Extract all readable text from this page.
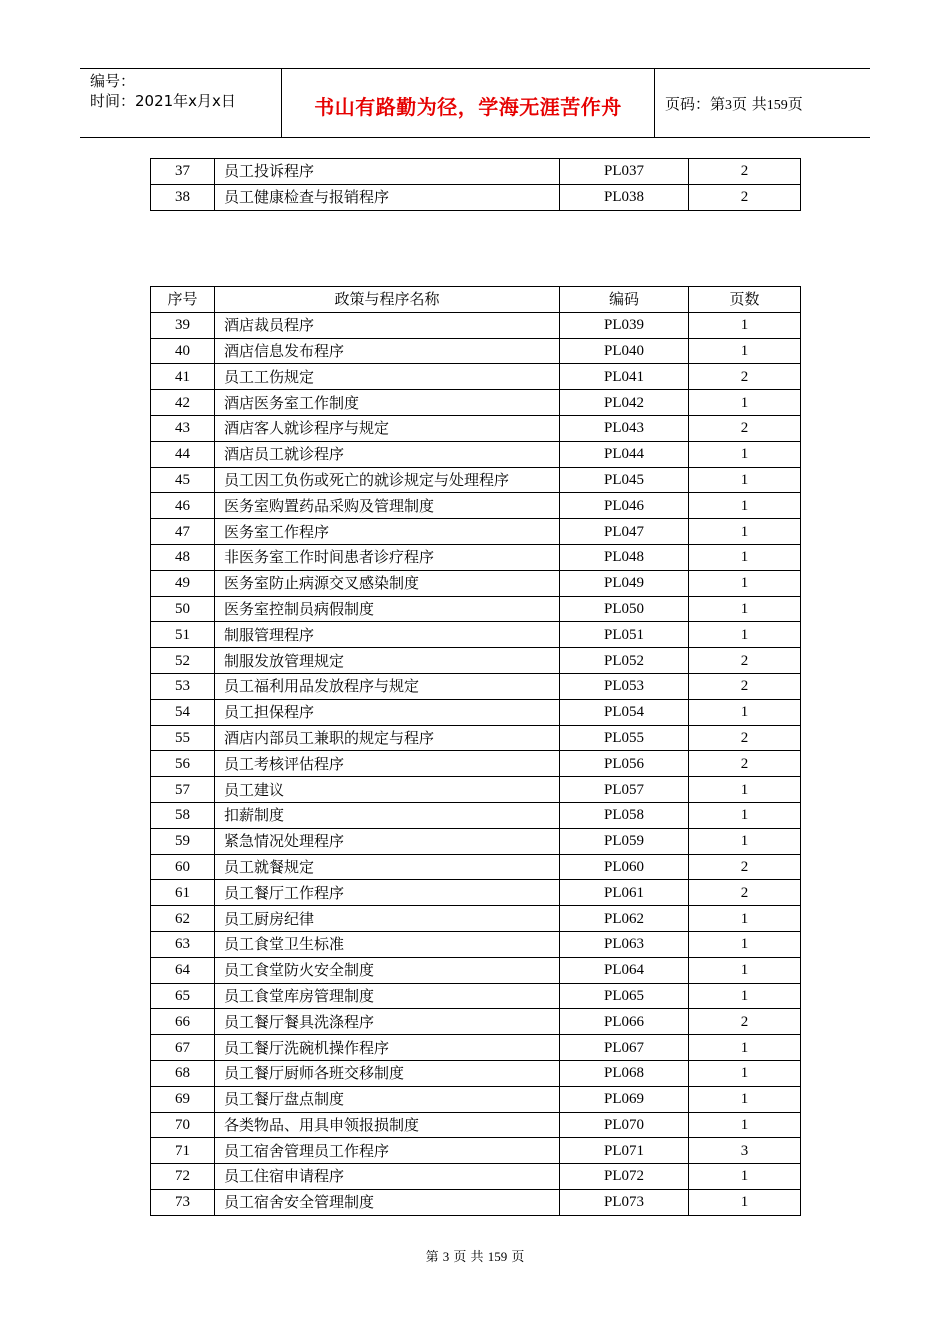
编号：
时间：2021年x月x日	书山有路勤为径，学海无涯苦作舟	页码：第3页 共159页
37	员工投诉程序	PL037	2
38	员工健康检查与报销程序	PL038	2
序号	政策与程序名称	编码	页数
39	酒店裁员程序	PL039	1
40	酒店信息发布程序	PL040	1
41	员工工伤规定	PL041	2
42	酒店医务室工作制度	PL042	1
43	酒店客人就诊程序与规定	PL043	2
44	酒店员工就诊程序	PL044	1
45	员工因工负伤或死亡的就诊规定与处理程序	PL045	1
46	医务室购置药品采购及管理制度	PL046	1
47	医务室工作程序	PL047	1
48	非医务室工作时间患者诊疗程序	PL048	1
49	医务室防止病源交叉感染制度	PL049	1
50	医务室控制员病假制度	PL050	1
51	制服管理程序	PL051	1
52	制服发放管理规定	PL052	2
53	员工福利用品发放程序与规定	PL053	2
54	员工担保程序	PL054	1
55	酒店内部员工兼职的规定与程序	PL055	2
56	员工考核评估程序	PL056	2
57	员工建议	PL057	1
58	扣薪制度	PL058	1
59	紧急情况处理程序	PL059	1
60	员工就餐规定	PL060	2
61	员工餐厅工作程序	PL061	2
62	员工厨房纪律	PL062	1
63	员工食堂卫生标准	PL063	1
64	员工食堂防火安全制度	PL064	1
65	员工食堂库房管理制度	PL065	1
66	员工餐厅餐具洗涤程序	PL066	2
67	员工餐厅洗碗机操作程序	PL067	1
68	员工餐厅厨师各班交移制度	PL068	1
69	员工餐厅盘点制度	PL069	1
70	各类物品、用具申领报损制度	PL070	1
71	员工宿舍管理员工作程序	PL071	3
72	员工住宿申请程序	PL072	1
73	员工宿舍安全管理制度	PL073	1
第 3 页 共 159 页
